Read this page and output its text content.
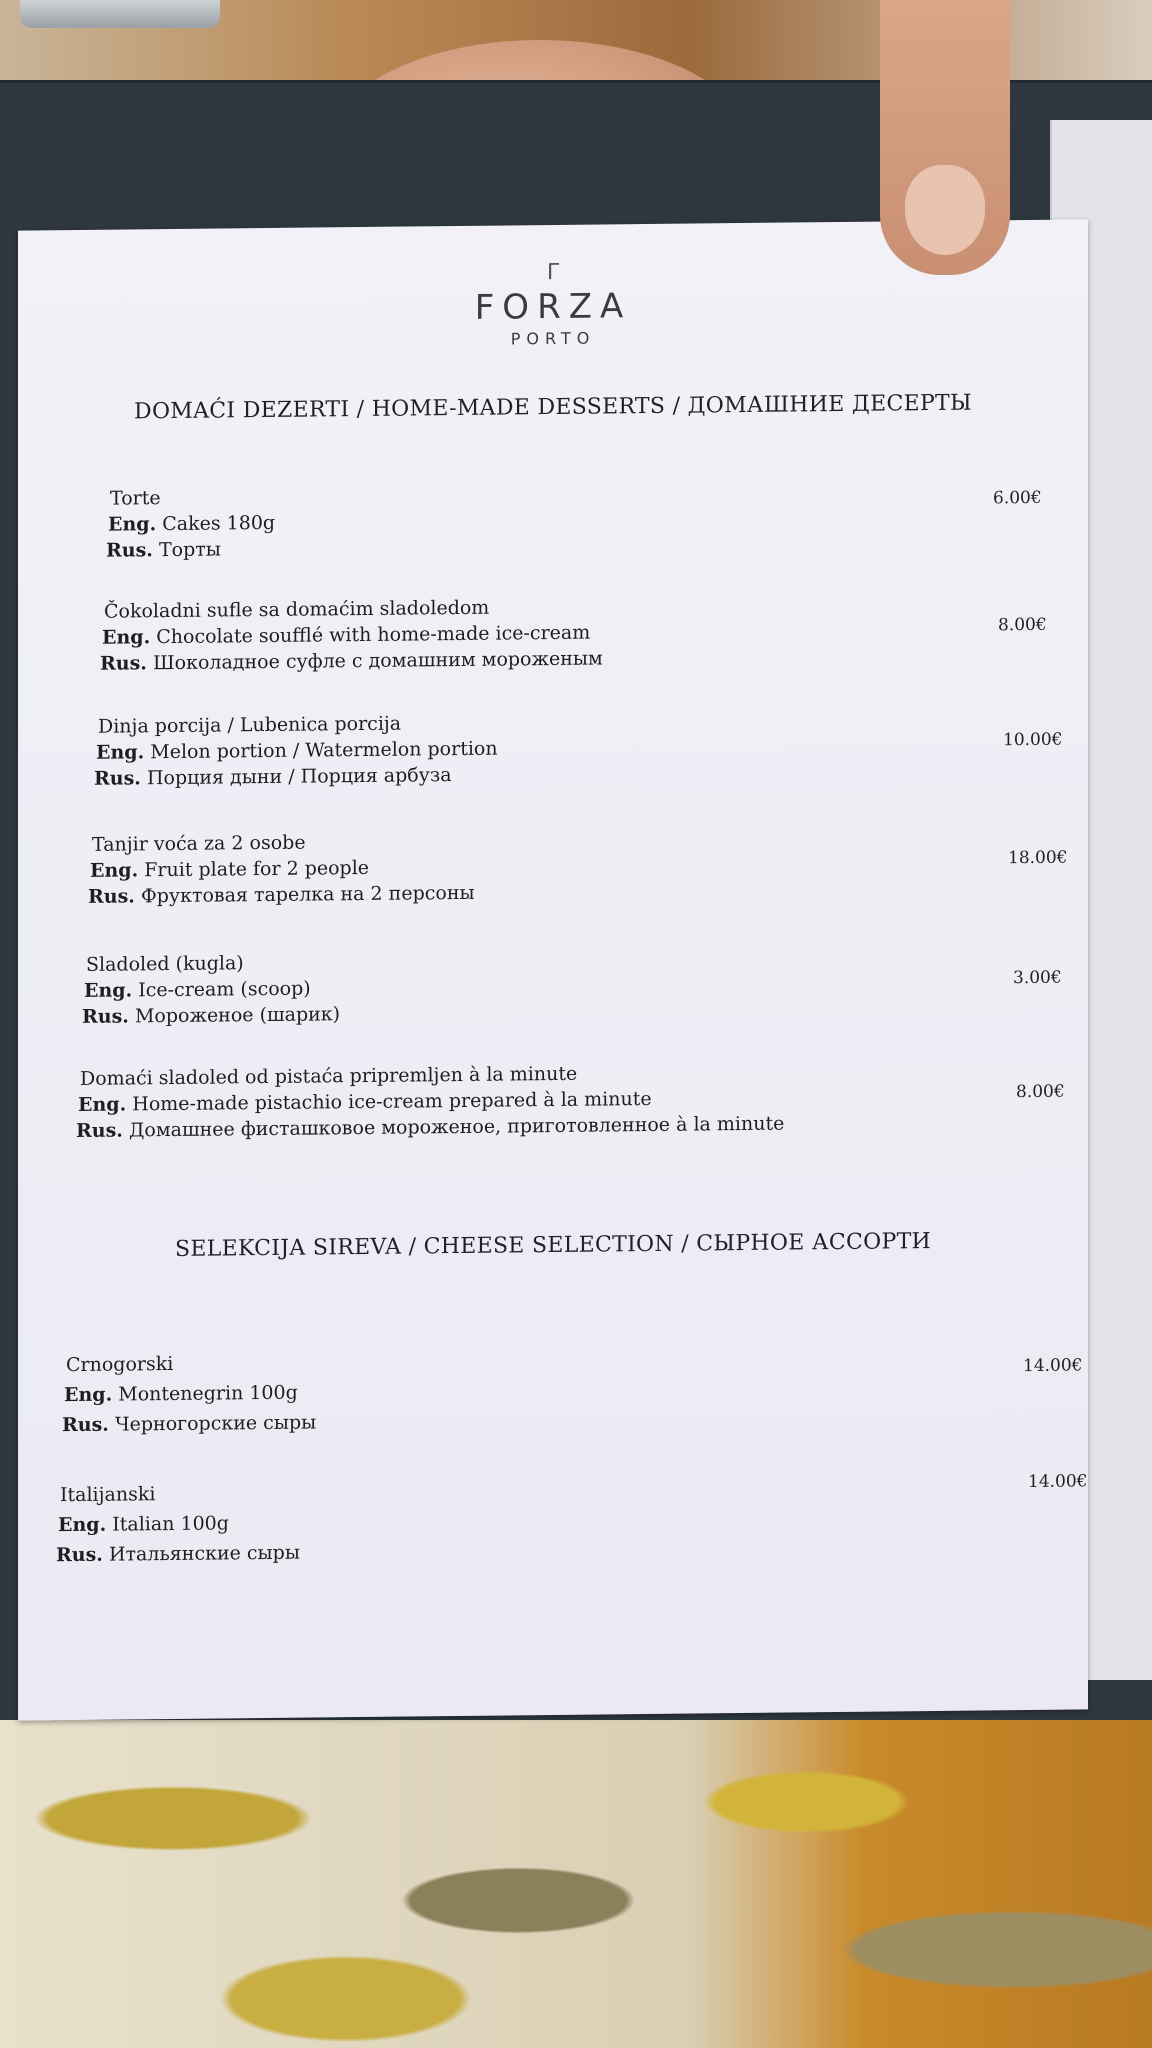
ᒥ
FORZA
PORTO
DOMAĆI DEZERTI / HOME-MADE DESSERTS / ДОМАШНИЕ ДЕСЕРТЫ
Torte
Eng. Cakes 180g
Rus. Торты
6.00€
Čokoladni sufle sa domaćim sladoledom
Eng. Chocolate soufflé with home-made ice-cream
Rus. Шоколадное суфле с домашним мороженым
8.00€
Dinja porcija / Lubenica porcija
Eng. Melon portion / Watermelon portion
Rus. Порция дыни / Порция арбуза
10.00€
Tanjir voća za 2 osobe
Eng. Fruit plate for 2 people
Rus. Фруктовая тарелка на 2 персоны
18.00€
Sladoled (kugla)
Eng. Ice-cream (scoop)
Rus. Мороженое (шарик)
3.00€
Domaći sladoled od pistaća pripremljen à la minute
Eng. Home-made pistachio ice-cream prepared à la minute
Rus. Домашнее фисташковое мороженое, приготовленное à la minute
8.00€
SELEKCIJA SIREVA / CHEESE SELECTION / СЫРНОЕ АССОРТИ
Crnogorski
Eng. Montenegrin 100g
Rus. Черногорские сыры
14.00€
Italijanski
Eng. Italian 100g
Rus. Итальянские сыры
14.00€
